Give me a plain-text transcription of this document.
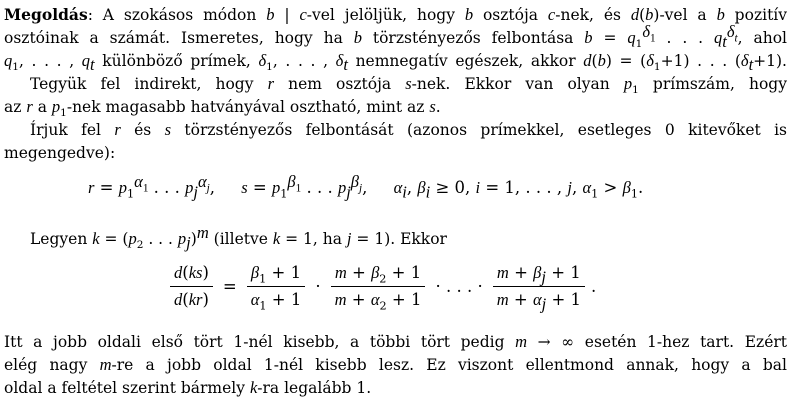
Megoldás: A szokásos módon b | c-vel jelöljük, hogy b osztója c-nek, és d(b)-vel a b pozitív
osztóinak a számát. Ismeretes, hogy ha b törzstényezős felbontása $b = q_1^{\delta_1}$ . . . $q_t^{\delta_t}$, ahol
$q_1$, . . . , $q_t$ különböző prímek, $\delta_1$, . . . , $\delta_t$ nemnegatív egészek, akkor $d(b) = (\delta_1+1)$ . . . $(\delta_t+1)$.
Tegyük fel indirekt, hogy r nem osztója s-nek. Ekkor van olyan $p_1$ prímszám, hogy
az r a $p_1$-nek magasabb hatványával osztható, mint az s.
Írjuk fel r és s törzstényezős felbontását (azonos prímekkel, esetleges 0 kitevőket is
megengedve):
$r = p_1^{\alpha_1}$ . . . $p_j^{\alpha_j}$,     $s = p_1^{\beta_1}$ . . . $p_j^{\beta_j}$,     $\alpha_i$, $\beta_i \ge 0$, i = 1, . . . , j, $\alpha_1 > \beta_1$.
Legyen $k = (p_2$ . . . $p_j)^m$ (illetve k = 1, ha j = 1). Ekkor
$\frac{d(ks)}{d(kr)} = \frac{\beta_1 + 1}{\alpha_1 + 1} \cdot \frac{m + \beta_2 + 1}{m + \alpha_2 + 1}$ · . . . · $\frac{m + \beta_j + 1}{m + \alpha_j + 1}$ .
Itt a jobb oldali első tört 1-nél kisebb, a többi tört pedig m → ∞ esetén 1-hez tart. Ezért
elég nagy m-re a jobb oldal 1-nél kisebb lesz. Ez viszont ellentmond annak, hogy a bal
oldal a feltétel szerint bármely k-ra legalább 1.
